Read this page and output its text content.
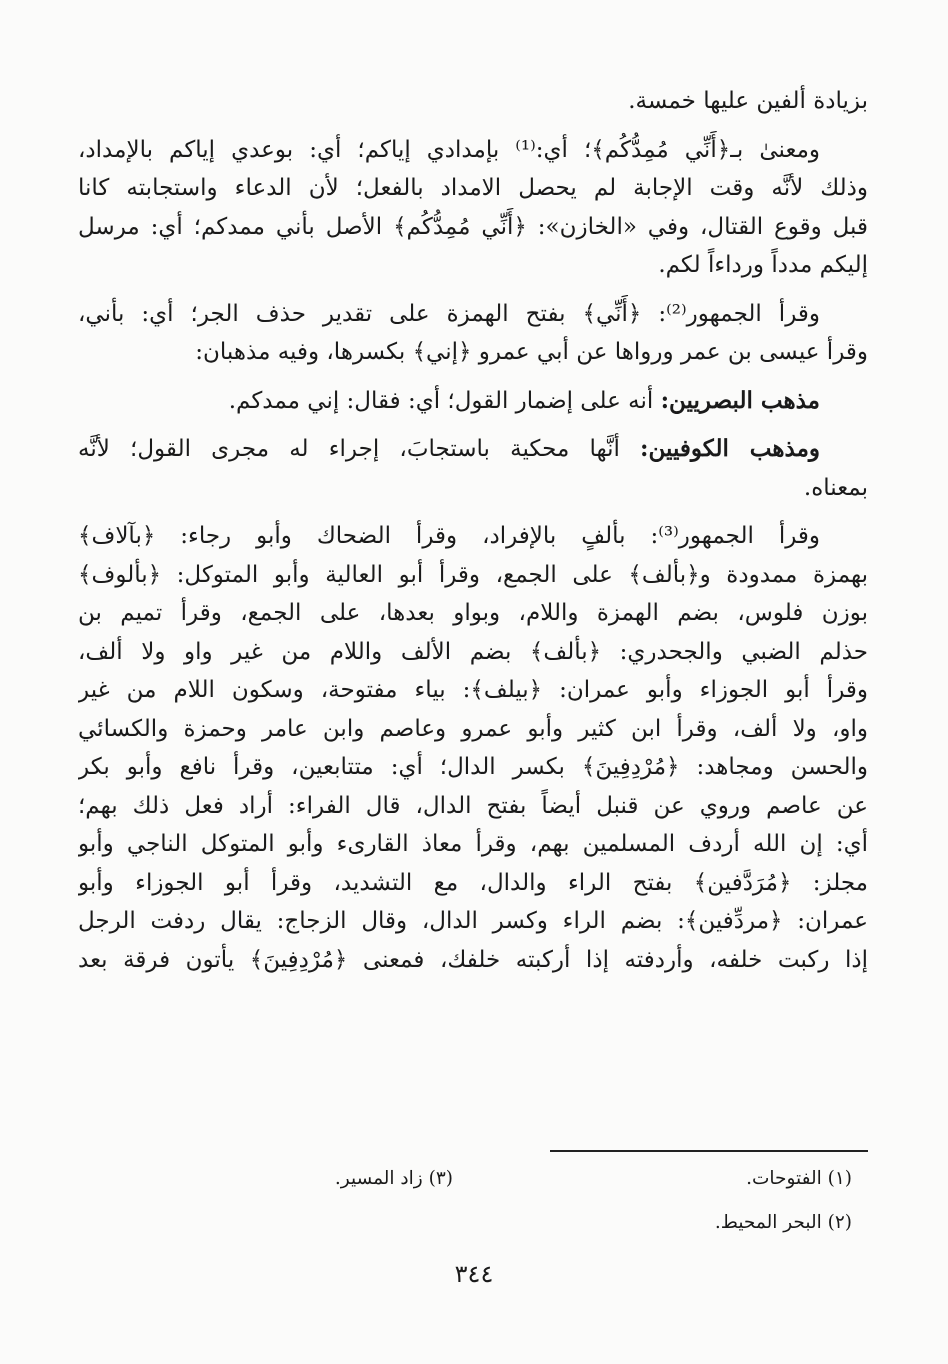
بزيادة ألفين عليها خمسة.
ومعنىٰ بـ﴿أَنِّي مُمِدُّكُم﴾؛ أي:⁽¹⁾ بإمدادي إياكم؛ أي: بوعدي إياكم بالإمداد،
وذلك لأنَّه وقت الإجابة لم يحصل الامداد بالفعل؛ لأن الدعاء واستجابته كانا
قبل وقوع القتال، وفي «الخازن»: ﴿أَنِّي مُمِدُّكُم﴾ الأصل بأني ممدكم؛ أي: مرسل
إليكم مدداً ورداءاً لكم.
وقرأ الجمهور⁽²⁾: ﴿أَنِّي﴾ بفتح الهمزة على تقدير حذف الجر؛ أي: بأني،
وقرأ عيسى بن عمر ورواها عن أبي عمرو ﴿إني﴾ بكسرها، وفيه مذهبان:
مذهب البصريين: أنه على إضمار القول؛ أي: فقال: إني ممدكم.
ومذهب الكوفيين: أنَّها محكية باستجابَ، إجراء له مجرى القول؛ لأنَّه
بمعناه.
وقرأ الجمهور⁽³⁾: بألفٍ بالإفراد، وقرأ الضحاك وأبو رجاء: ﴿بآلاف﴾
بهمزة ممدودة و﴿بألف﴾ على الجمع، وقرأ أبو العالية وأبو المتوكل: ﴿بألوف﴾
بوزن فلوس، بضم الهمزة واللام، وبواو بعدها، على الجمع، وقرأ تميم بن
حذلم الضبي والجحدري: ﴿بألف﴾ بضم الألف واللام من غير واو ولا ألف،
وقرأ أبو الجوزاء وأبو عمران: ﴿بيلف﴾: بياء مفتوحة، وسكون اللام من غير
واو، ولا ألف، وقرأ ابن كثير وأبو عمرو وعاصم وابن عامر وحمزة والكسائي
والحسن ومجاهد: ﴿مُرْدِفِينَ﴾ بكسر الدال؛ أي: متتابعين، وقرأ نافع وأبو بكر
عن عاصم وروي عن قنبل أيضاً بفتح الدال، قال الفراء: أراد فعل ذلك بهم؛
أي: إن الله أردف المسلمين بهم، وقرأ معاذ القارىء وأبو المتوكل الناجي وأبو
مجلز: ﴿مُرَدَّفين﴾ بفتح الراء والدال، مع التشديد، وقرأ أبو الجوزاء وأبو
عمران: ﴿مردِّفين﴾: بضم الراء وكسر الدال، وقال الزجاج: يقال ردفت الرجل
إذا ركبت خلفه، وأردفته إذا أركبته خلفك، فمعنى ﴿مُرْدِفِينَ﴾ يأتون فرقة بعد
(١) الفتوحات.
(٣) زاد المسير.
(٢) البحر المحيط.
٣٤٤
